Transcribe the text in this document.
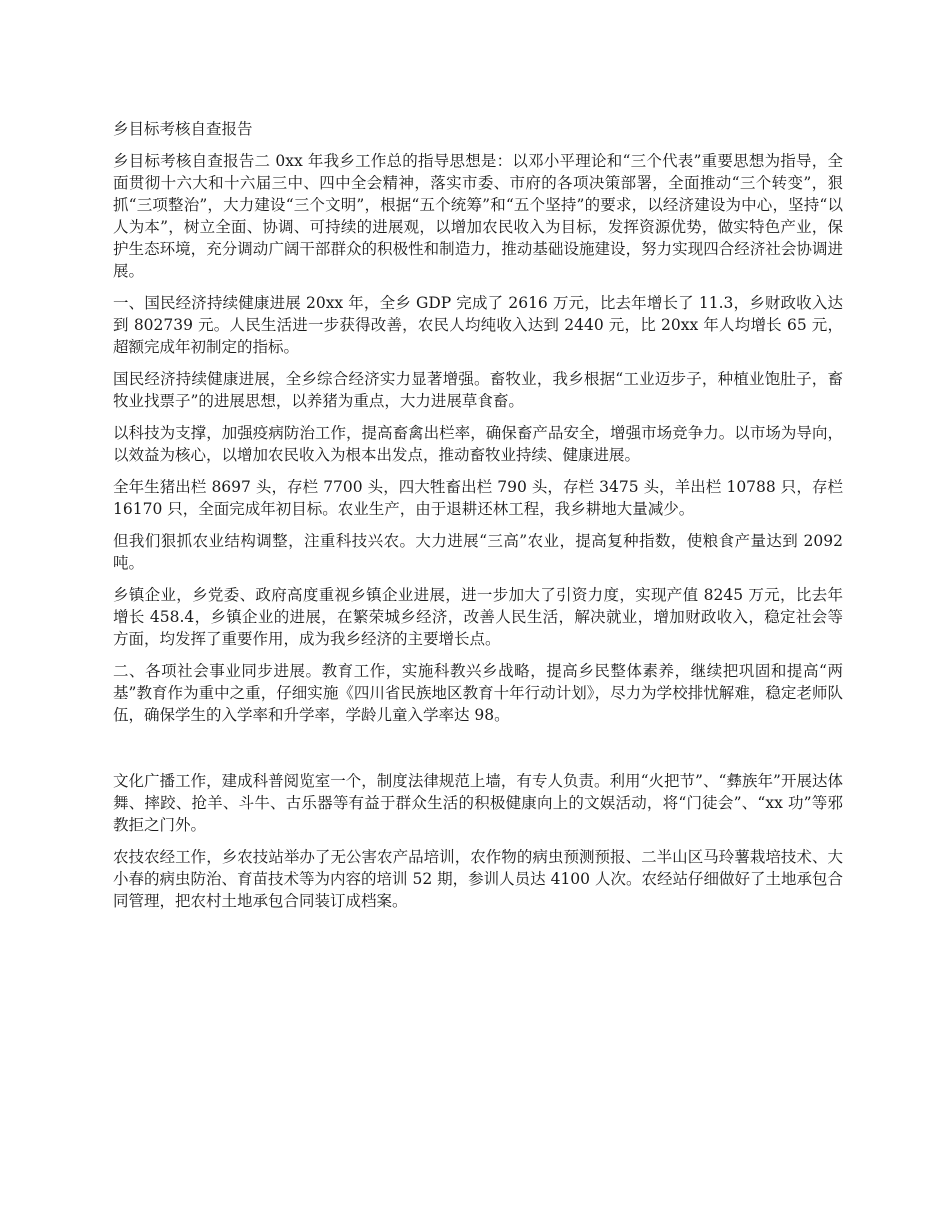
乡目标考核自查报告

乡目标考核自查报告二 0xx 年我乡工作总的指导思想是：以邓小平理论和“三个代表”重要思想为指导，全面贯彻十六大和十六届三中、四中全会精神，落实市委、市府的各项决策部署，全面推动“三个转变”，狠抓“三项整治”，大力建设“三个文明”，根据“五个统筹”和“五个坚持”的要求，以经济建设为中心，坚持“以人为本”，树立全面、协调、可持续的进展观，以增加农民收入为目标，发挥资源优势，做实特色产业，保护生态环境，充分调动广阔干部群众的积极性和制造力，推动基础设施建设，努力实现四合经济社会协调进展。

一、国民经济持续健康进展 20xx 年，全乡 GDP 完成了 2616 万元，比去年增长了 11.3，乡财政收入达到 802739 元。人民生活进一步获得改善，农民人均纯收入达到 2440 元，比 20xx 年人均增长 65 元，超额完成年初制定的指标。

国民经济持续健康进展，全乡综合经济实力显著增强。畜牧业，我乡根据“工业迈步子，种植业饱肚子，畜牧业找票子”的进展思想，以养猪为重点，大力进展草食畜。

以科技为支撑，加强疫病防治工作，提高畜禽出栏率，确保畜产品安全，增强市场竞争力。以市场为导向，以效益为核心，以增加农民收入为根本出发点，推动畜牧业持续、健康进展。

全年生猪出栏 8697 头，存栏 7700 头，四大牲畜出栏 790 头，存栏 3475 头，羊出栏 10788 只，存栏 16170 只，全面完成年初目标。农业生产，由于退耕还林工程，我乡耕地大量减少。

但我们狠抓农业结构调整，注重科技兴农。大力进展“三高”农业，提高复种指数，使粮食产量达到 2092 吨。

乡镇企业，乡党委、政府高度重视乡镇企业进展，进一步加大了引资力度，实现产值 8245 万元，比去年增长 458.4，乡镇企业的进展，在繁荣城乡经济，改善人民生活，解决就业，增加财政收入，稳定社会等方面，均发挥了重要作用，成为我乡经济的主要增长点。

二、各项社会事业同步进展。教育工作，实施科教兴乡战略，提高乡民整体素养，继续把巩固和提高“两基”教育作为重中之重，仔细实施《四川省民族地区教育十年行动计划》，尽力为学校排忧解难，稳定老师队伍，确保学生的入学率和升学率，学龄儿童入学率达 98。

文化广播工作，建成科普阅览室一个，制度法律规范上墙，有专人负责。利用“火把节”、“彝族年”开展达体舞、摔跤、抢羊、斗牛、古乐器等有益于群众生活的积极健康向上的文娱活动，将“门徒会”、“xx 功”等邪教拒之门外。

农技农经工作，乡农技站举办了无公害农产品培训，农作物的病虫预测预报、二半山区马玲薯栽培技术、大小春的病虫防治、育苗技术等为内容的培训 52 期，参训人员达 4100 人次。农经站仔细做好了土地承包合同管理，把农村土地承包合同装订成档案。
